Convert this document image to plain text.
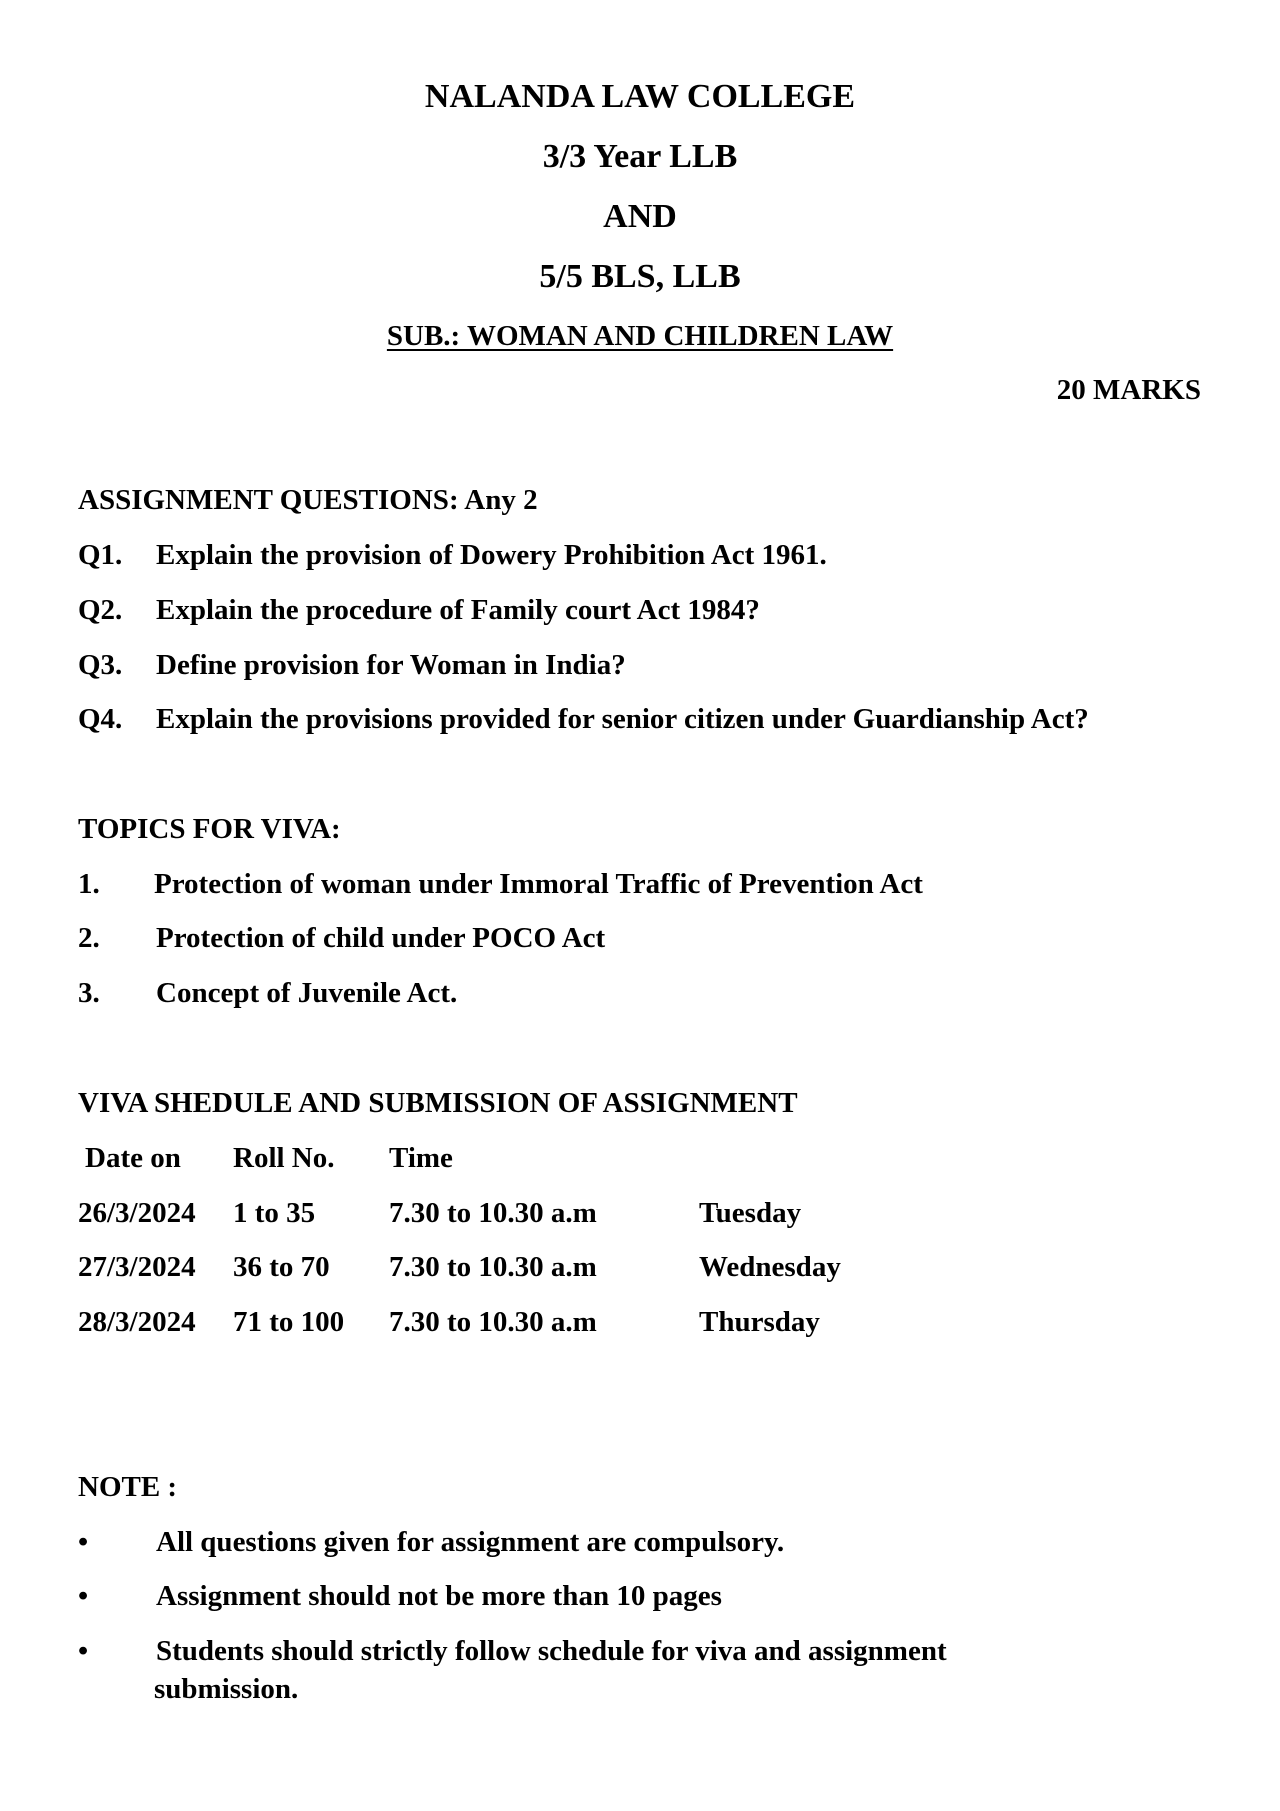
NALANDA LAW COLLEGE
3/3 Year LLB
AND
5/5 BLS, LLB
SUB.: WOMAN AND CHILDREN LAW
20 MARKS
ASSIGNMENT QUESTIONS: Any 2
Q1. Explain the provision of Dowery Prohibition Act 1961.
Q2. Explain the procedure of Family court Act 1984?
Q3. Define provision for Woman in India?
Q4. Explain the provisions provided for senior citizen under Guardianship Act?
TOPICS FOR VIVA:
1. Protection of woman under Immoral Traffic of Prevention Act
2. Protection of child under POCO Act
3. Concept of Juvenile Act.
VIVA SHEDULE AND SUBMISSION OF ASSIGNMENT
Date on Roll No. Time
26/3/2024 1 to 35	7.30 to 10.30 a.m	Tuesday
27/3/2024 36 to 70 7.30 to 10.30 a.m	Wednesday
28/3/2024 71 to 100 7.30 to 10.30 a.m	Thursday
NOTE :
• All questions given for assignment are compulsory.
• Assignment should not be more than 10 pages
• Students should strictly follow schedule for viva and assignment
submission.
